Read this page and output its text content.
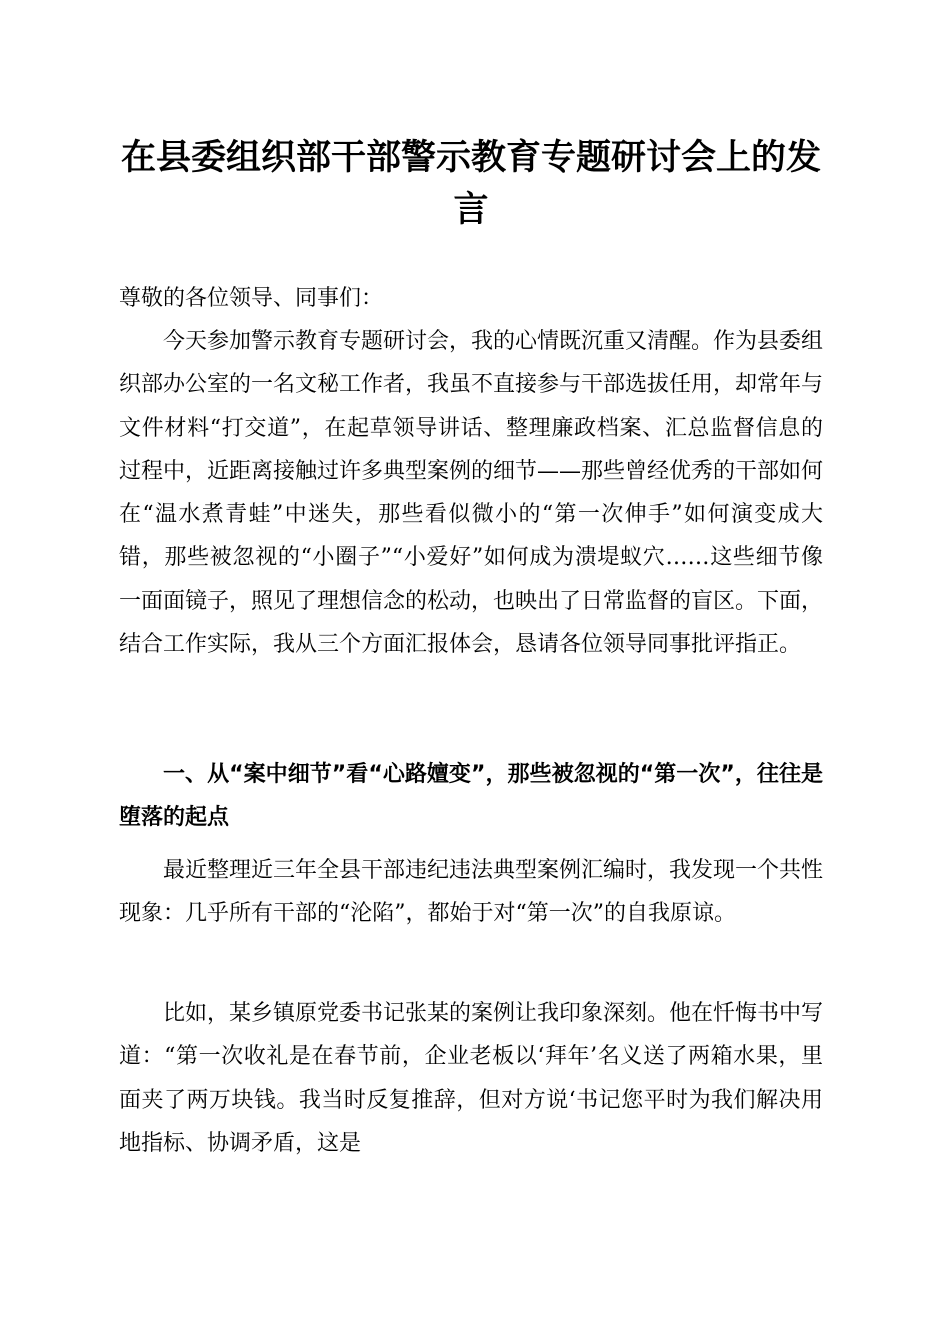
在县委组织部干部警示教育专题研讨会上的发言

尊敬的各位领导、同事们：

今天参加警示教育专题研讨会，我的心情既沉重又清醒。作为县委组织部办公室的一名文秘工作者，我虽不直接参与干部选拔任用，却常年与文件材料“打交道”，在起草领导讲话、整理廉政档案、汇总监督信息的过程中，近距离接触过许多典型案例的细节——那些曾经优秀的干部如何在“温水煮青蛙”中迷失，那些看似微小的“第一次伸手”如何演变成大错，那些被忽视的“小圈子”“小爱好”如何成为溃堤蚁穴……这些细节像一面面镜子，照见了理想信念的松动，也映出了日常监督的盲区。下面，结合工作实际，我从三个方面汇报体会，恳请各位领导同事批评指正。

一、从“案中细节”看“心路嬗变”，那些被忽视的“第一次”，往往是堕落的起点

最近整理近三年全县干部违纪违法典型案例汇编时，我发现一个共性现象：几乎所有干部的“沦陷”，都始于对“第一次”的自我原谅。

比如，某乡镇原党委书记张某的案例让我印象深刻。他在忏悔书中写道：“第一次收礼是在春节前，企业老板以‘拜年’名义送了两箱水果，里面夹了两万块钱。我当时反复推辞，但对方说‘书记您平时为我们解决用地指标、协调矛盾，这是
